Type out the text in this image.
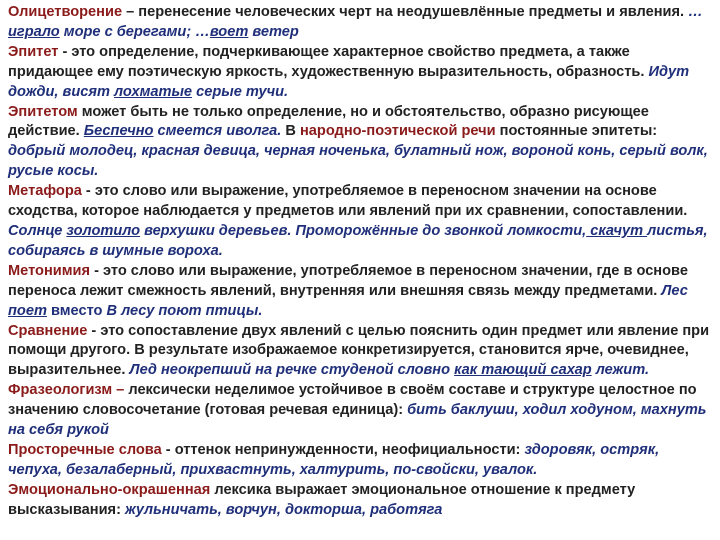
Олицетворение – перенесение человеческих черт на неодушевлённые предметы и явления. …играло море с берегами; …воет ветер

Эпитет - это определение, подчеркивающее характерное свойство предмета, а также придающее ему поэтическую яркость, художественную выразительность, образность. Идут дожди, висят лохматые серые тучи.

Эпитетом может быть не только определение, но и обстоятельство, образно рисующее действие. Беспечно смеется иволга. В народно-поэтической речи постоянные эпитеты: добрый молодец, красная девица, черная ноченька, булатный нож, вороной конь, серый волк, русые косы.

Метафора - это слово или выражение, употребляемое в переносном значении на основе сходства, которое наблюдается у предметов или явлений при их сравнении, сопоставлении. Солнце золотило верхушки деревьев. Проморожённые до звонкой ломкости, скачут листья, собираясь в шумные ворохa.

Метонимия - это слово или выражение, употребляемое в переносном значении, где в основе переноса лежит смежность явлений, внутренняя или внешняя связь между предметами. Лес поет вместо В лесу поют птицы.

Сравнение - это сопоставление двух явлений с целью пояснить один предмет или явление при помощи другого. В результате изображаемое конкретизируется, становится ярче, очевиднее, выразительнее. Лед неокрепший на речке студеной словно как тающий сахар лежит.

Фразеологизм – лексически неделимое устойчивое в своём составе и структуре целостное по значению словосочетание (готовая речевая единица): бить баклуши, ходил ходуном, махнуть на себя рукой

Просторечные слова - оттенок непринужденности, неофициальности: здоровяк, остряк, чепуха, безалаберный, прихвастнуть, халтурить, по-свойски, увалок.

Эмоционально-окрашенная лексика выражает эмоциональное отношение к предмету высказывания: жульничать, ворчун, докторша, работяга
